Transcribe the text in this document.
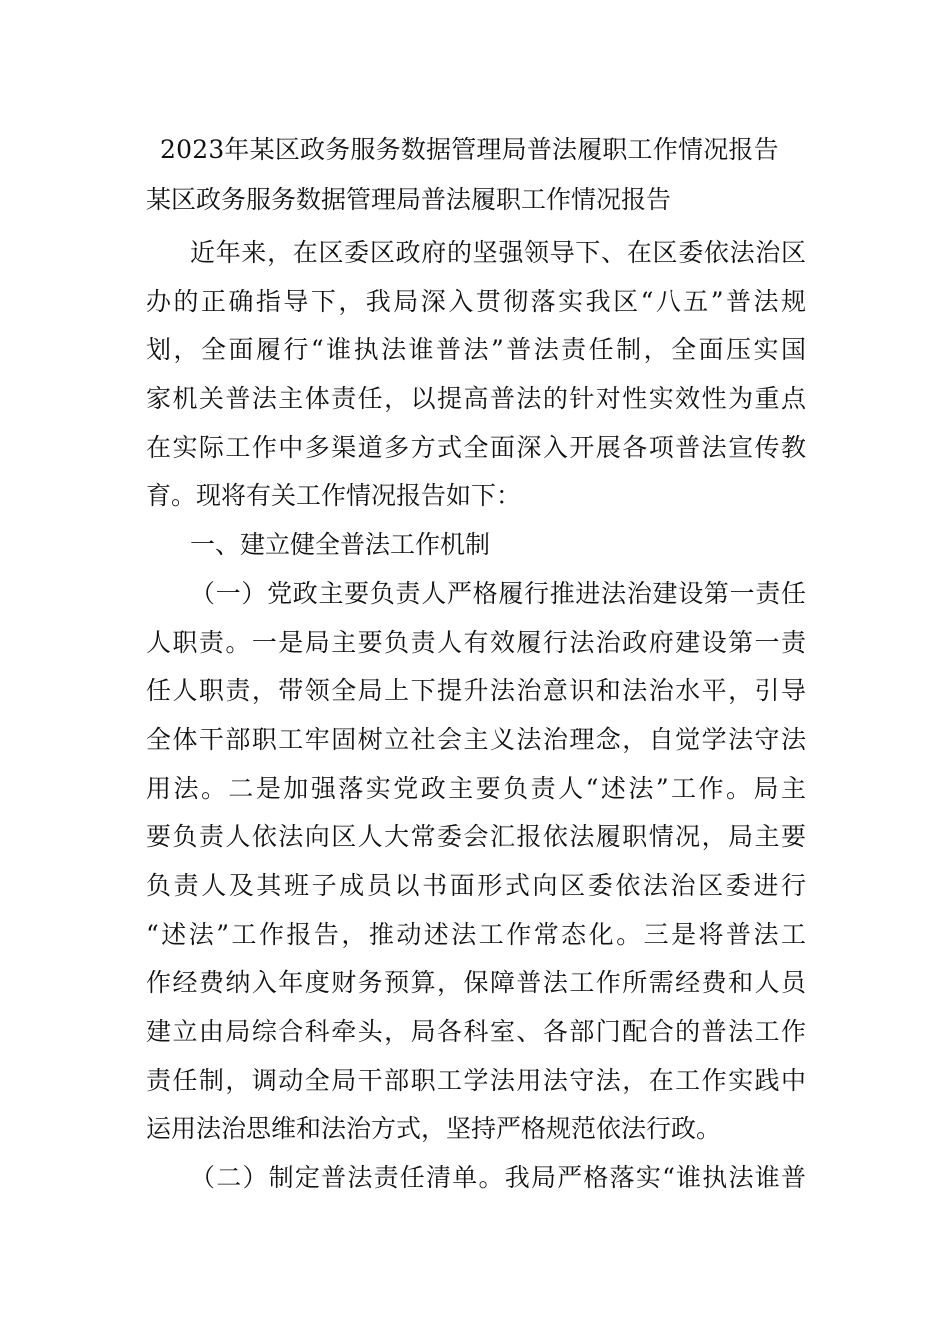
2023年某区政务服务数据管理局普法履职工作情况报告
某区政务服务数据管理局普法履职工作情况报告
近年来，在区委区政府的坚强领导下、在区委依法治区
办的正确指导下，我局深入贯彻落实我区“八五”普法规
划，全面履行“谁执法谁普法”普法责任制，全面压实国
家机关普法主体责任，以提高普法的针对性实效性为重点
在实际工作中多渠道多方式全面深入开展各项普法宣传教
育。现将有关工作情况报告如下：
一、建立健全普法工作机制
（一）党政主要负责人严格履行推进法治建设第一责任
人职责。一是局主要负责人有效履行法治政府建设第一责
任人职责，带领全局上下提升法治意识和法治水平，引导
全体干部职工牢固树立社会主义法治理念，自觉学法守法
用法。二是加强落实党政主要负责人“述法”工作。局主
要负责人依法向区人大常委会汇报依法履职情况，局主要
负责人及其班子成员以书面形式向区委依法治区委进行
“述法”工作报告，推动述法工作常态化。三是将普法工
作经费纳入年度财务预算，保障普法工作所需经费和人员
建立由局综合科牵头，局各科室、各部门配合的普法工作
责任制，调动全局干部职工学法用法守法，在工作实践中
运用法治思维和法治方式，坚持严格规范依法行政。
（二）制定普法责任清单。我局严格落实“谁执法谁普
